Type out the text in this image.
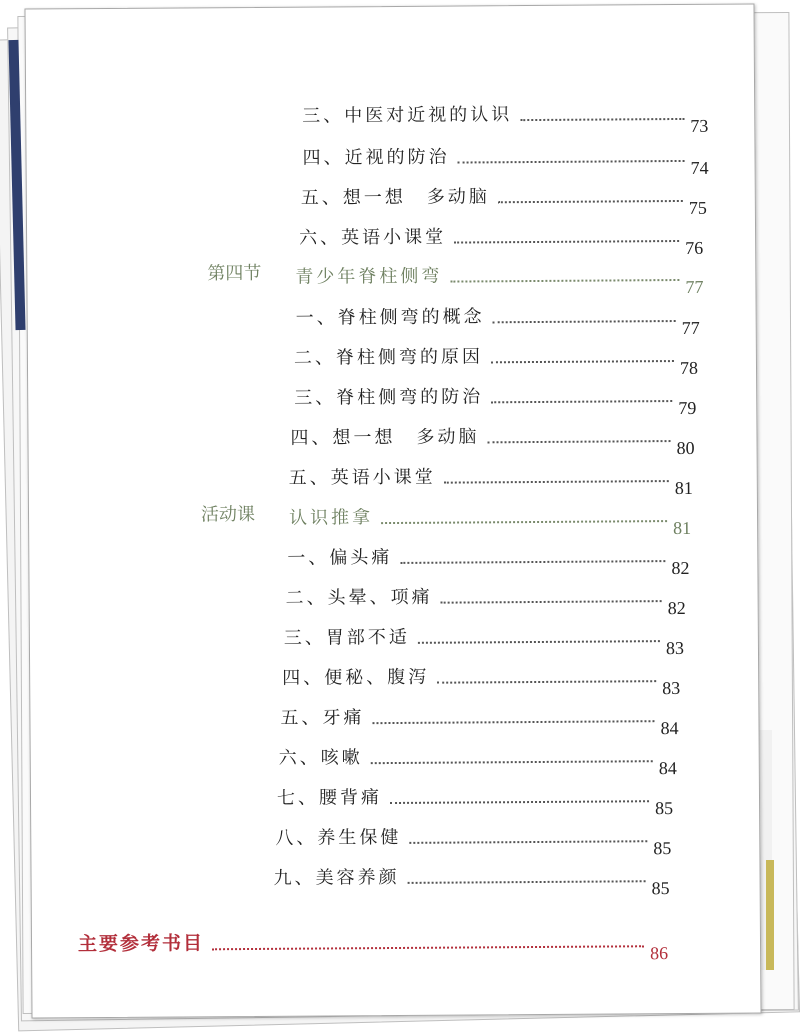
三、中医对近视的认识	73
四、近视的防治	74
五、想一想　多动脑	75
六、英语小课堂	76
第四节 青少年脊柱侧弯	77
一、脊柱侧弯的概念	77
二、脊柱侧弯的原因	78
三、脊柱侧弯的防治	79
四、想一想　多动脑	80
五、英语小课堂	81
活动课 认识推拿	81
一、偏头痛	82
二、头晕、项痛	82
三、胃部不适	83
四、便秘、腹泻	83
五、牙痛	84
六、咳嗽	84
七、腰背痛	85
八、养生保健	85
九、美容养颜	85
主要参考书目	86
